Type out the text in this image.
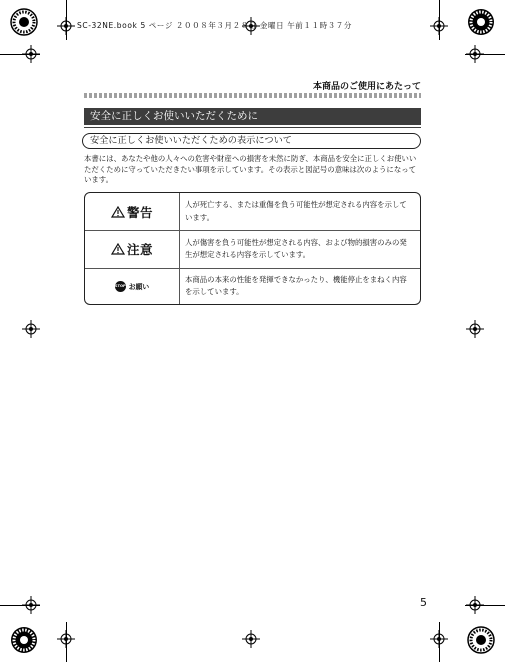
SC-32NE.book 5 ページ ２００８年３月２８日 金曜日 午前１１時３７分
本商品のご使用にあたって
安全に正しくお使いいただくために
安全に正しくお使いいただくための表示について
本書には、あなたや他の人々への危害や財産への損害を未然に防ぎ、本商品を安全に正しくお使いいただくために守っていただきたい事項を示しています。その表示と図記号の意味は次のようになっています。
警告	人が死亡する、または重傷を負う可能性が想定される内容を示しています。
注意	人が傷害を負う可能性が想定される内容、および物的損害のみの発生が想定される内容を示しています。
STOP お願い
本商品の本来の性能を発揮できなかったり、機能停止をまねく内容を示しています。
5
